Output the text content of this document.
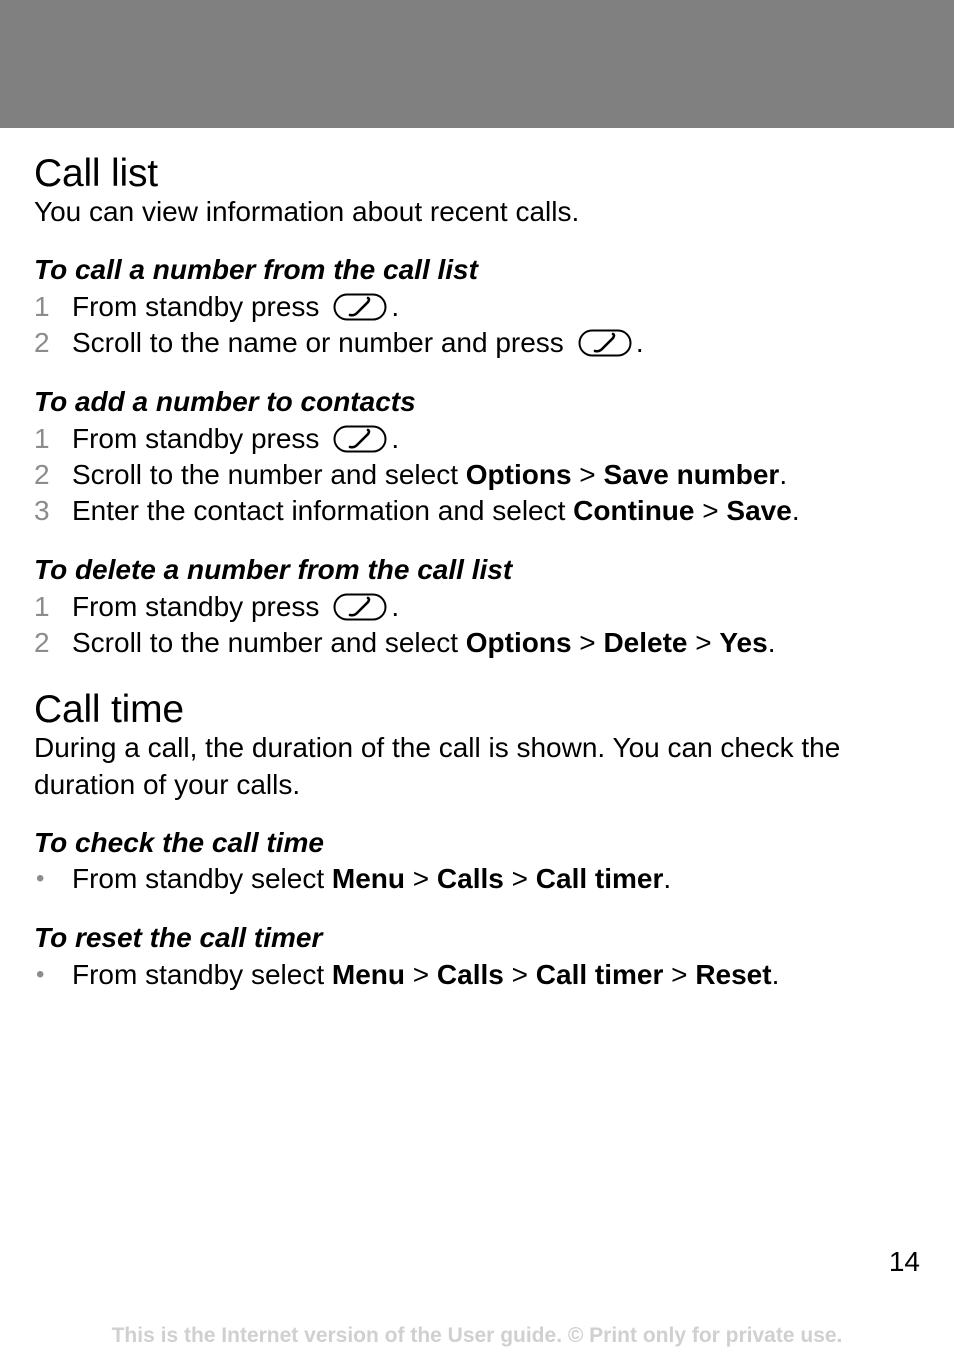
Call list

You can view information about recent calls.

To call a number from the call list
1 From standby press	.
2 Scroll to the name or number and press	.
To add a number to contacts
1 From standby press	.
2 Scroll to the number and select Options > Save number.
3 Enter the contact information and select Continue > Save.
To delete a number from the call list
1 From standby press	.
2 Scroll to the number and select Options > Delete > Yes.
Call time

During a call, the duration of the call is shown. You can check the duration of your calls.

To check the call time
• From standby select Menu > Calls > Call timer.
To reset the call timer
• From standby select Menu > Calls > Call timer > Reset.
14
This is the Internet version of the User guide. © Print only for private use.
